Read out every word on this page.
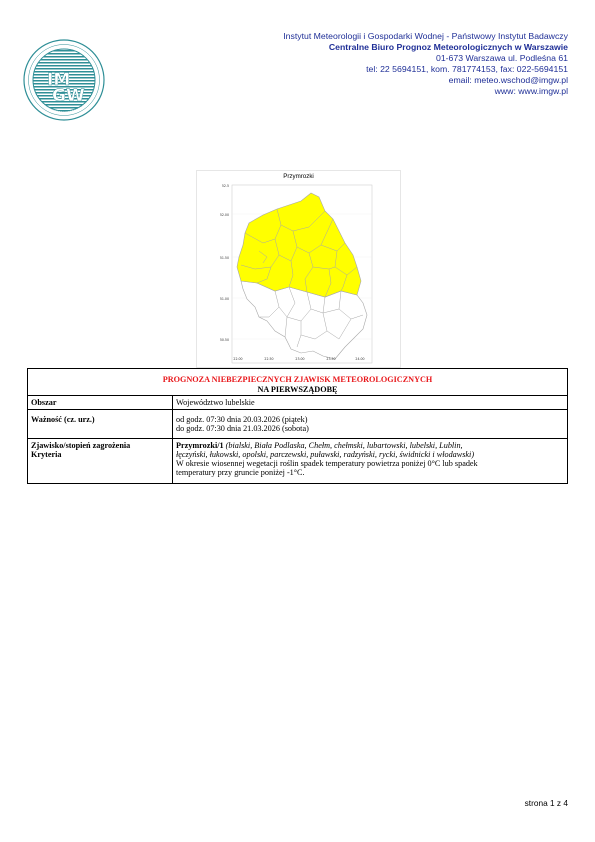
IM
GW
Instytut Meteorologii i Gospodarki Wodnej - Państwowy Instytut Badawczy
Centralne Biuro Prognoz Meteorologicznych w Warszawie
01-673 Warszawa ul. Podleśna 61
tel: 22 5694151, kom. 781774153, fax: 022-5694151
email: meteo.wschod@imgw.pl
www: www.imgw.pl
Przymrozki
52.5
52.00
51.50
51.00
50.50
22.00	22.50	23.00	23.50	24.00
PROGNOZA NIEBEZPIECZNYCH ZJAWISK METEOROLOGICZNYCH
NA PIERWSZĄDOBĘ	

Obszar	Województwo lubelskie
Ważność (cz. urz.)	od godz. 07:30 dnia 20.03.2026 (piątek)
do godz. 07:30 dnia 21.03.2026 (sobota)

Zjawisko/stopień zagrożenia
Kryteria	Przymrozki/1 (bialski, Biała Podlaska, Chełm, chełmski, lubartowski, lubelski, Lublin,
łęczyński, łukowski, opolski, parczewski, puławski, radzyński, rycki, świdnicki i włodawski)
W okresie wiosennej wegetacji roślin spadek temperatury powietrza poniżej 0°C lub spadek
temperatury przy gruncie poniżej -1°C.
strona 1 z 4
